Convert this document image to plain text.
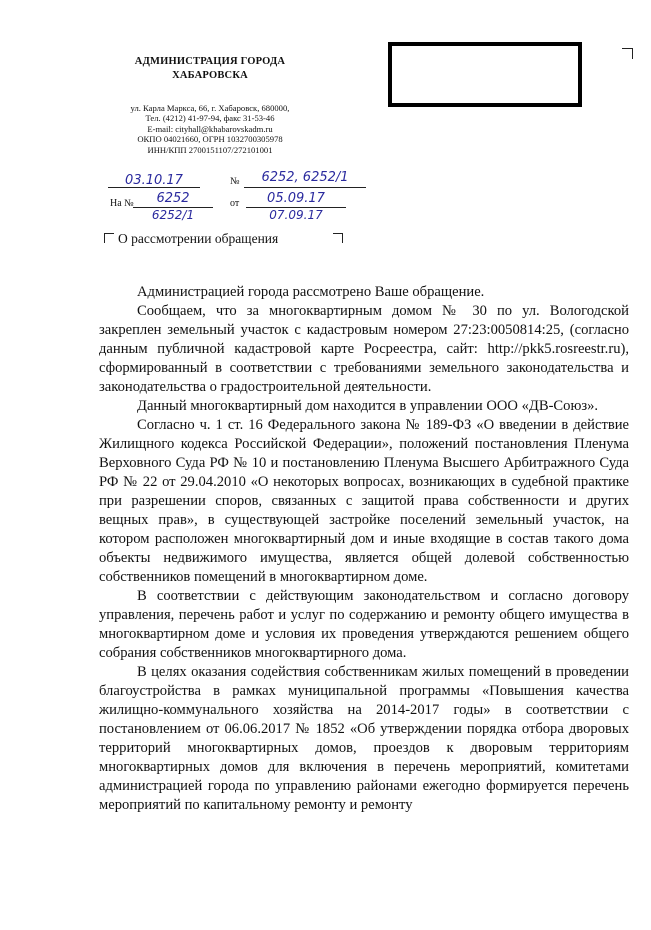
АДМИНИСТРАЦИЯ ГОРОДА
ХАБАРОВСКА
ул. Карла Маркса, 66, г. Хабаровск, 680000,
Тел. (4212) 41-97-94, факс 31-53-46
E-mail: cityhall@khabarovskadm.ru
ОКПО 04021660, ОГРН 1032700305978
ИНН/КПП 2700151107/272101001
03.10.17	№	6252, 6252/1
На №	6252
6252/1
от	05.09.17
07.09.17
О рассмотрении обращения

Администрацией города рассмотрено Ваше обращение.

Сообщаем, что за многоквартирным домом № 30 по ул. Вологодской закреплен земельный участок с кадастровым номером 27:23:0050814:25, (согласно данным публичной кадастровой карте Росреестра, сайт: http://pkk5.rosreestr.ru), сформированный в соответствии с требованиями земельного законодательства и законодательства о градостроительной деятельности.

Данный многоквартирный дом находится в управлении ООО «ДВ-Союз».

Согласно ч. 1 ст. 16 Федерального закона № 189-ФЗ «О введении в действие Жилищного кодекса Российской Федерации», положений постановления Пленума Верховного Суда РФ № 10 и постановлению Пленума Высшего Арбитражного Суда РФ № 22 от 29.04.2010 «О некоторых вопросах, возникающих в судебной практике при разрешении споров, связанных с защитой права собственности и других вещных прав», в существующей застройке поселений земельный участок, на котором расположен многоквартирный дом и иные входящие в состав такого дома объекты недвижимого имущества, является общей долевой собственностью собственников помещений в многоквартирном доме.

В соответствии с действующим законодательством и согласно договору управления, перечень работ и услуг по содержанию и ремонту общего имущества в многоквартирном доме и условия их проведения утверждаются решением общего собрания собственников многоквартирного дома.

В целях оказания содействия собственникам жилых помещений в проведении благоустройства в рамках муниципальной программы «Повышения качества жилищно-коммунального хозяйства на 2014-2017 годы» в соответствии с постановлением от 06.06.2017 № 1852 «Об утверждении порядка отбора дворовых территорий многоквартирных домов, проездов к дворовым территориям многоквартирных домов для включения в перечень мероприятий, комитетами администрацией города по управлению районами ежегодно формируется перечень мероприятий по капитальному ремонту и ремонту
